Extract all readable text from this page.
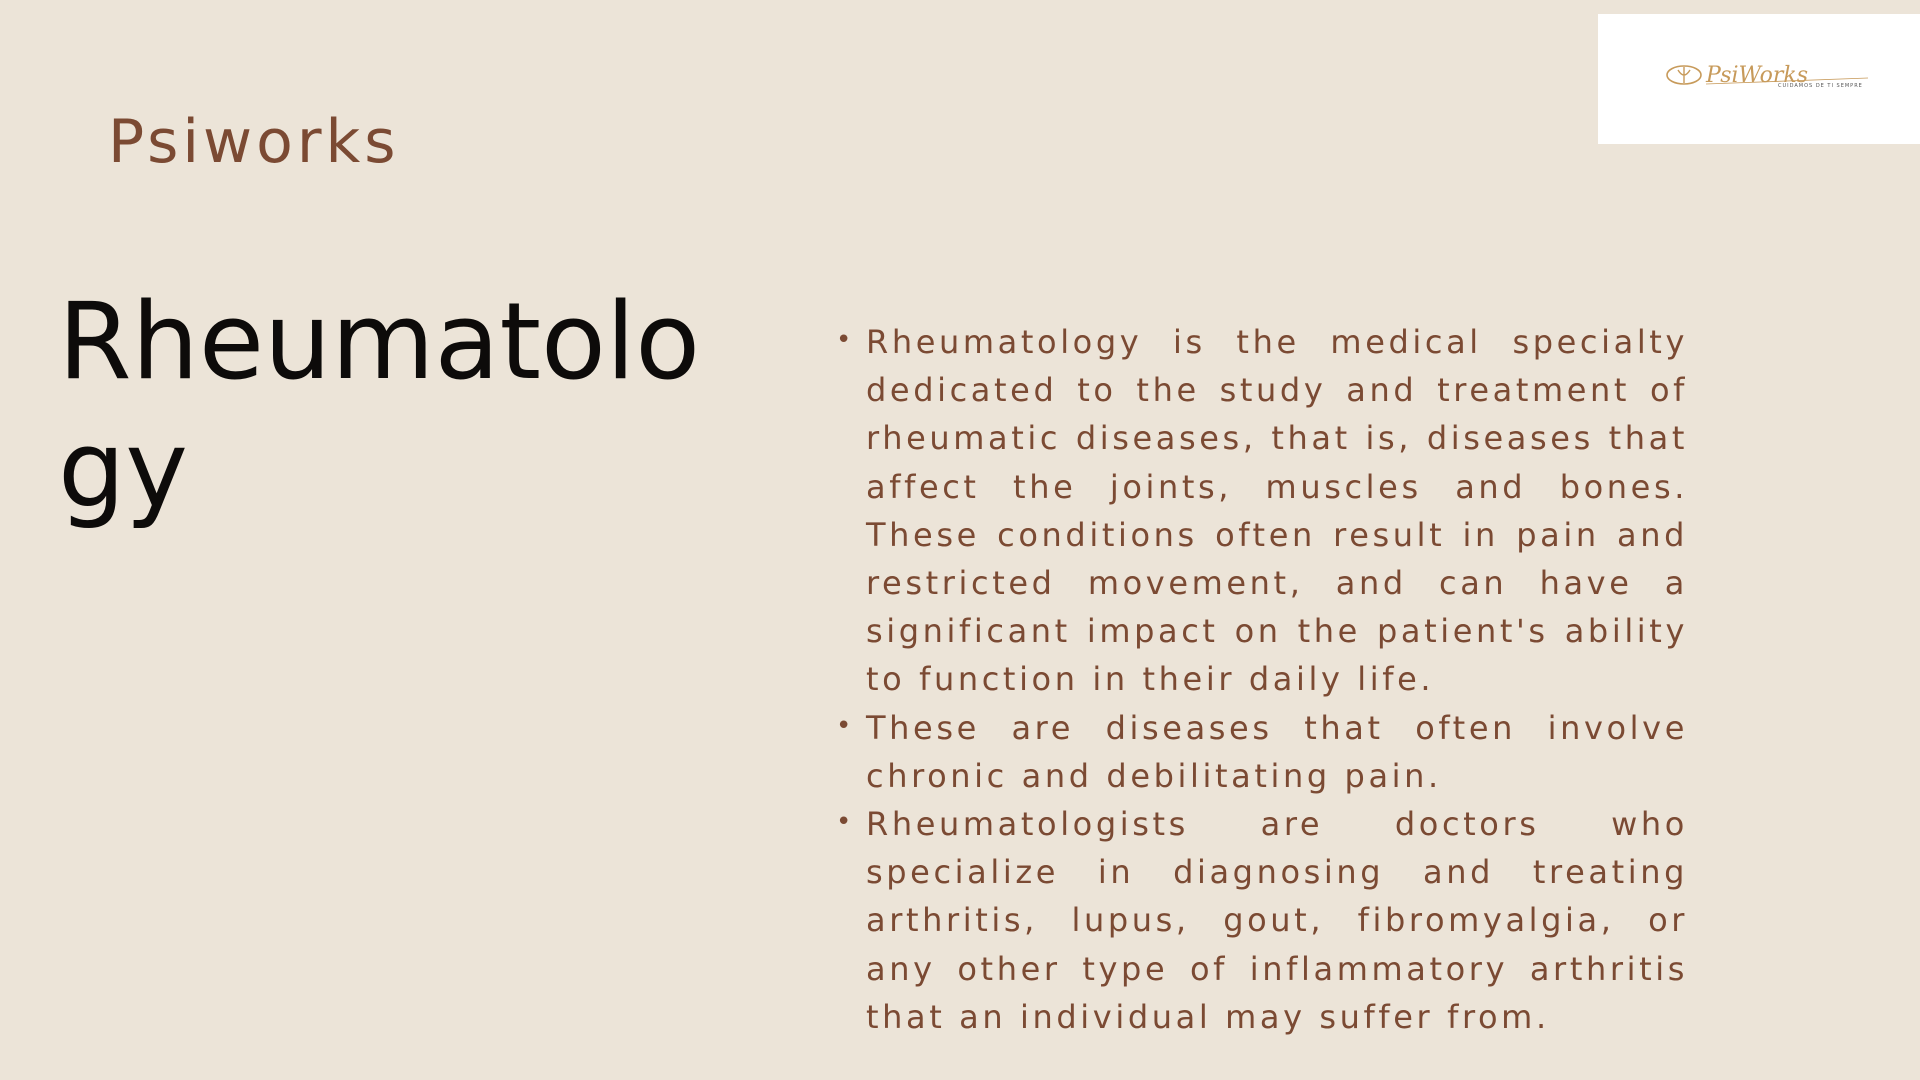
Psiworks
Rheumatology
PsiWorks
CUIDAMOS DE TI SEMPRE
• Rheumatology is the medical specialty dedicated to the study and treatment of rheumatic diseases, that is, diseases that affect the joints, muscles and bones. These conditions often result in pain and restricted movement, and can have a significant impact on the patient's ability to function in their daily life.
• These are diseases that often involve chronic and debilitating pain.
• Rheumatologists are doctors who specialize in diagnosing and treating arthritis, lupus, gout, fibromyalgia, or any other type of inflammatory arthritis that an individual may suffer from.
